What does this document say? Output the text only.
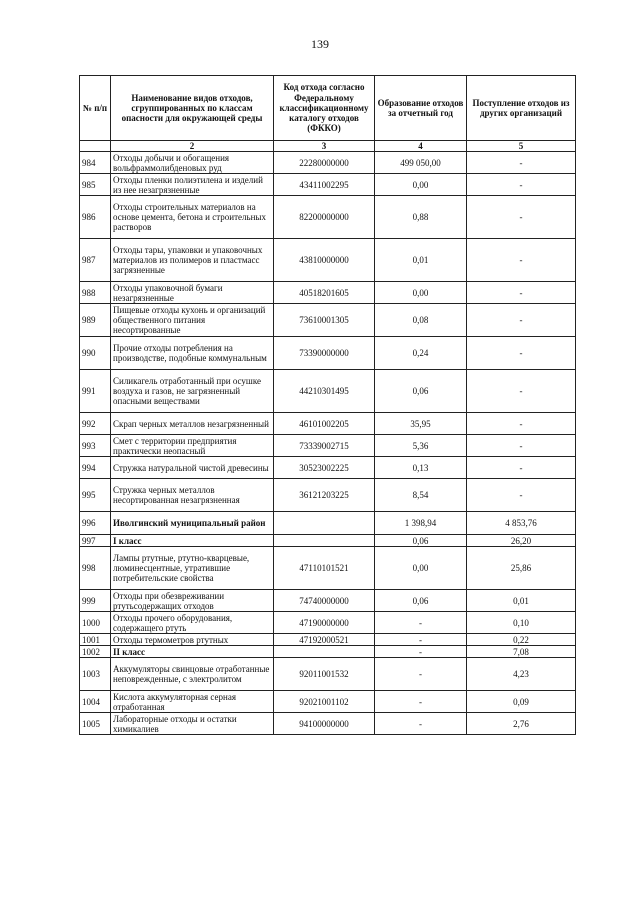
139
№ п/п	Наименование видов отходов, сгруппированных по классам опасности для окружающей среды	Код отхода согласно Федеральному классификационному каталогу отходов (ФККО)	Образование отходов за отчетный год	Поступление отходов из других организаций
	2	3	4	5
984	Отходы добычи и обогащения вольфраммолибденовых руд	22280000000	499 050,00	-
985	Отходы пленки полиэтилена и изделий из нее незагрязненные	43411002295	0,00	-
986	Отходы строительных материалов на основе цемента, бетона и строительных растворов	82200000000	0,88	-
987	Отходы тары, упаковки и упаковочных материалов из полимеров и пластмасс загрязненные	43810000000	0,01	-
988	Отходы упаковочной бумаги незагрязненные	40518201605	0,00	-
989	Пищевые отходы кухонь и организаций общественного питания несортированные	73610001305	0,08	-
990	Прочие отходы потребления на производстве, подобные коммунальным	73390000000	0,24	-
991	Силикагель отработанный при осушке воздуха и газов, не загрязненный опасными веществами	44210301495	0,06	-
992	Скрап черных металлов незагрязненный	46101002205	35,95	-
993	Смет с территории предприятия практически неопасный	73339002715	5,36	-
994	Стружка натуральной чистой древесины	30523002225	0,13	-
995	Стружка черных металлов несортированная незагрязненная	36121203225	8,54	-
996	Иволгинский муниципальный район		1 398,94	4 853,76
997	I класс		0,06	26,20
998	Лампы ртутные, ртутно-кварцевые, люминесцентные, утратившие потребительские свойства	47110101521	0,00	25,86
999	Отходы при обезвреживании ртутьсодержащих отходов	74740000000	0,06	0,01
1000	Отходы прочего оборудования, содержащего ртуть	47190000000	-	0,10
1001	Отходы термометров ртутных	47192000521	-	0,22
1002	II класс		-	7,08
1003	Аккумуляторы свинцовые отработанные неповрежденные, с электролитом	92011001532	-	4,23
1004	Кислота аккумуляторная серная отработанная	92021001102	-	0,09
1005	Лабораторные отходы и остатки химикалиев	94100000000	-	2,76
